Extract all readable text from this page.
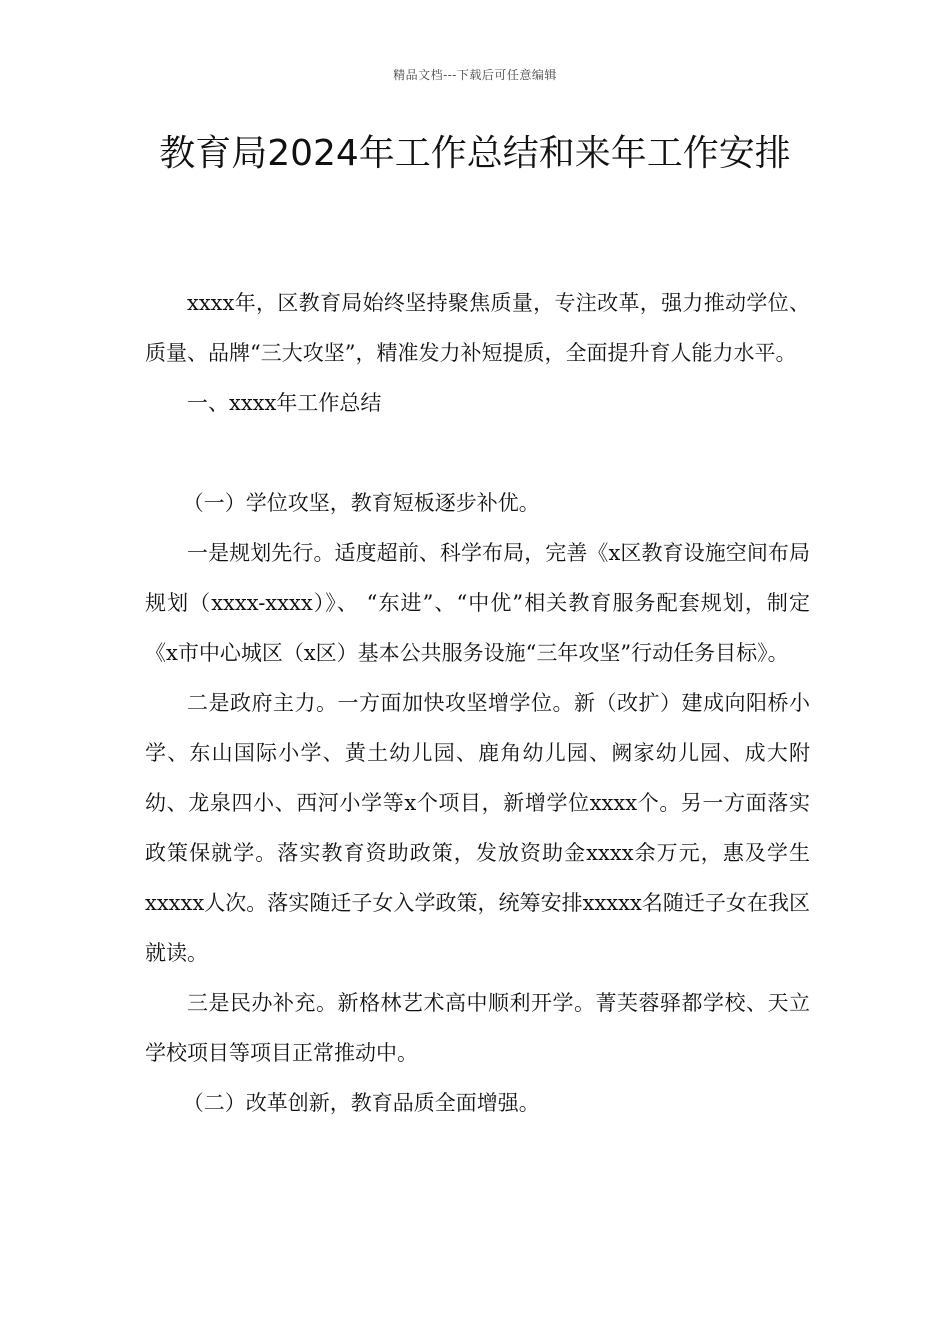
精品文档---下载后可任意编辑
教育局2024年工作总结和来年工作安排

xxxx年，区教育局始终坚持聚焦质量，专注改革，强力推动学位、质量、品牌“三大攻坚”，精准发力补短提质，全面提升育人能力水平。

一、xxxx年工作总结

（一）学位攻坚，教育短板逐步补优。

一是规划先行。适度超前、科学布局，完善《x区教育设施空间布局规划（xxxx-xxxx）》、 “东进”、“中优”相关教育服务配套规划，制定《x市中心城区（x区）基本公共服务设施“三年攻坚”行动任务目标》。

二是政府主力。一方面加快攻坚增学位。新（改扩）建成向阳桥小学、东山国际小学、黄土幼儿园、鹿角幼儿园、阙家幼儿园、成大附幼、龙泉四小、西河小学等x个项目，新增学位xxxx个。另一方面落实政策保就学。落实教育资助政策，发放资助金xxxx余万元，惠及学生xxxxx人次。落实随迁子女入学政策，统筹安排xxxxx名随迁子女在我区就读。

三是民办补充。新格林艺术高中顺利开学。菁芙蓉驿都学校、天立学校项目等项目正常推动中。

（二）改革创新，教育品质全面增强。
